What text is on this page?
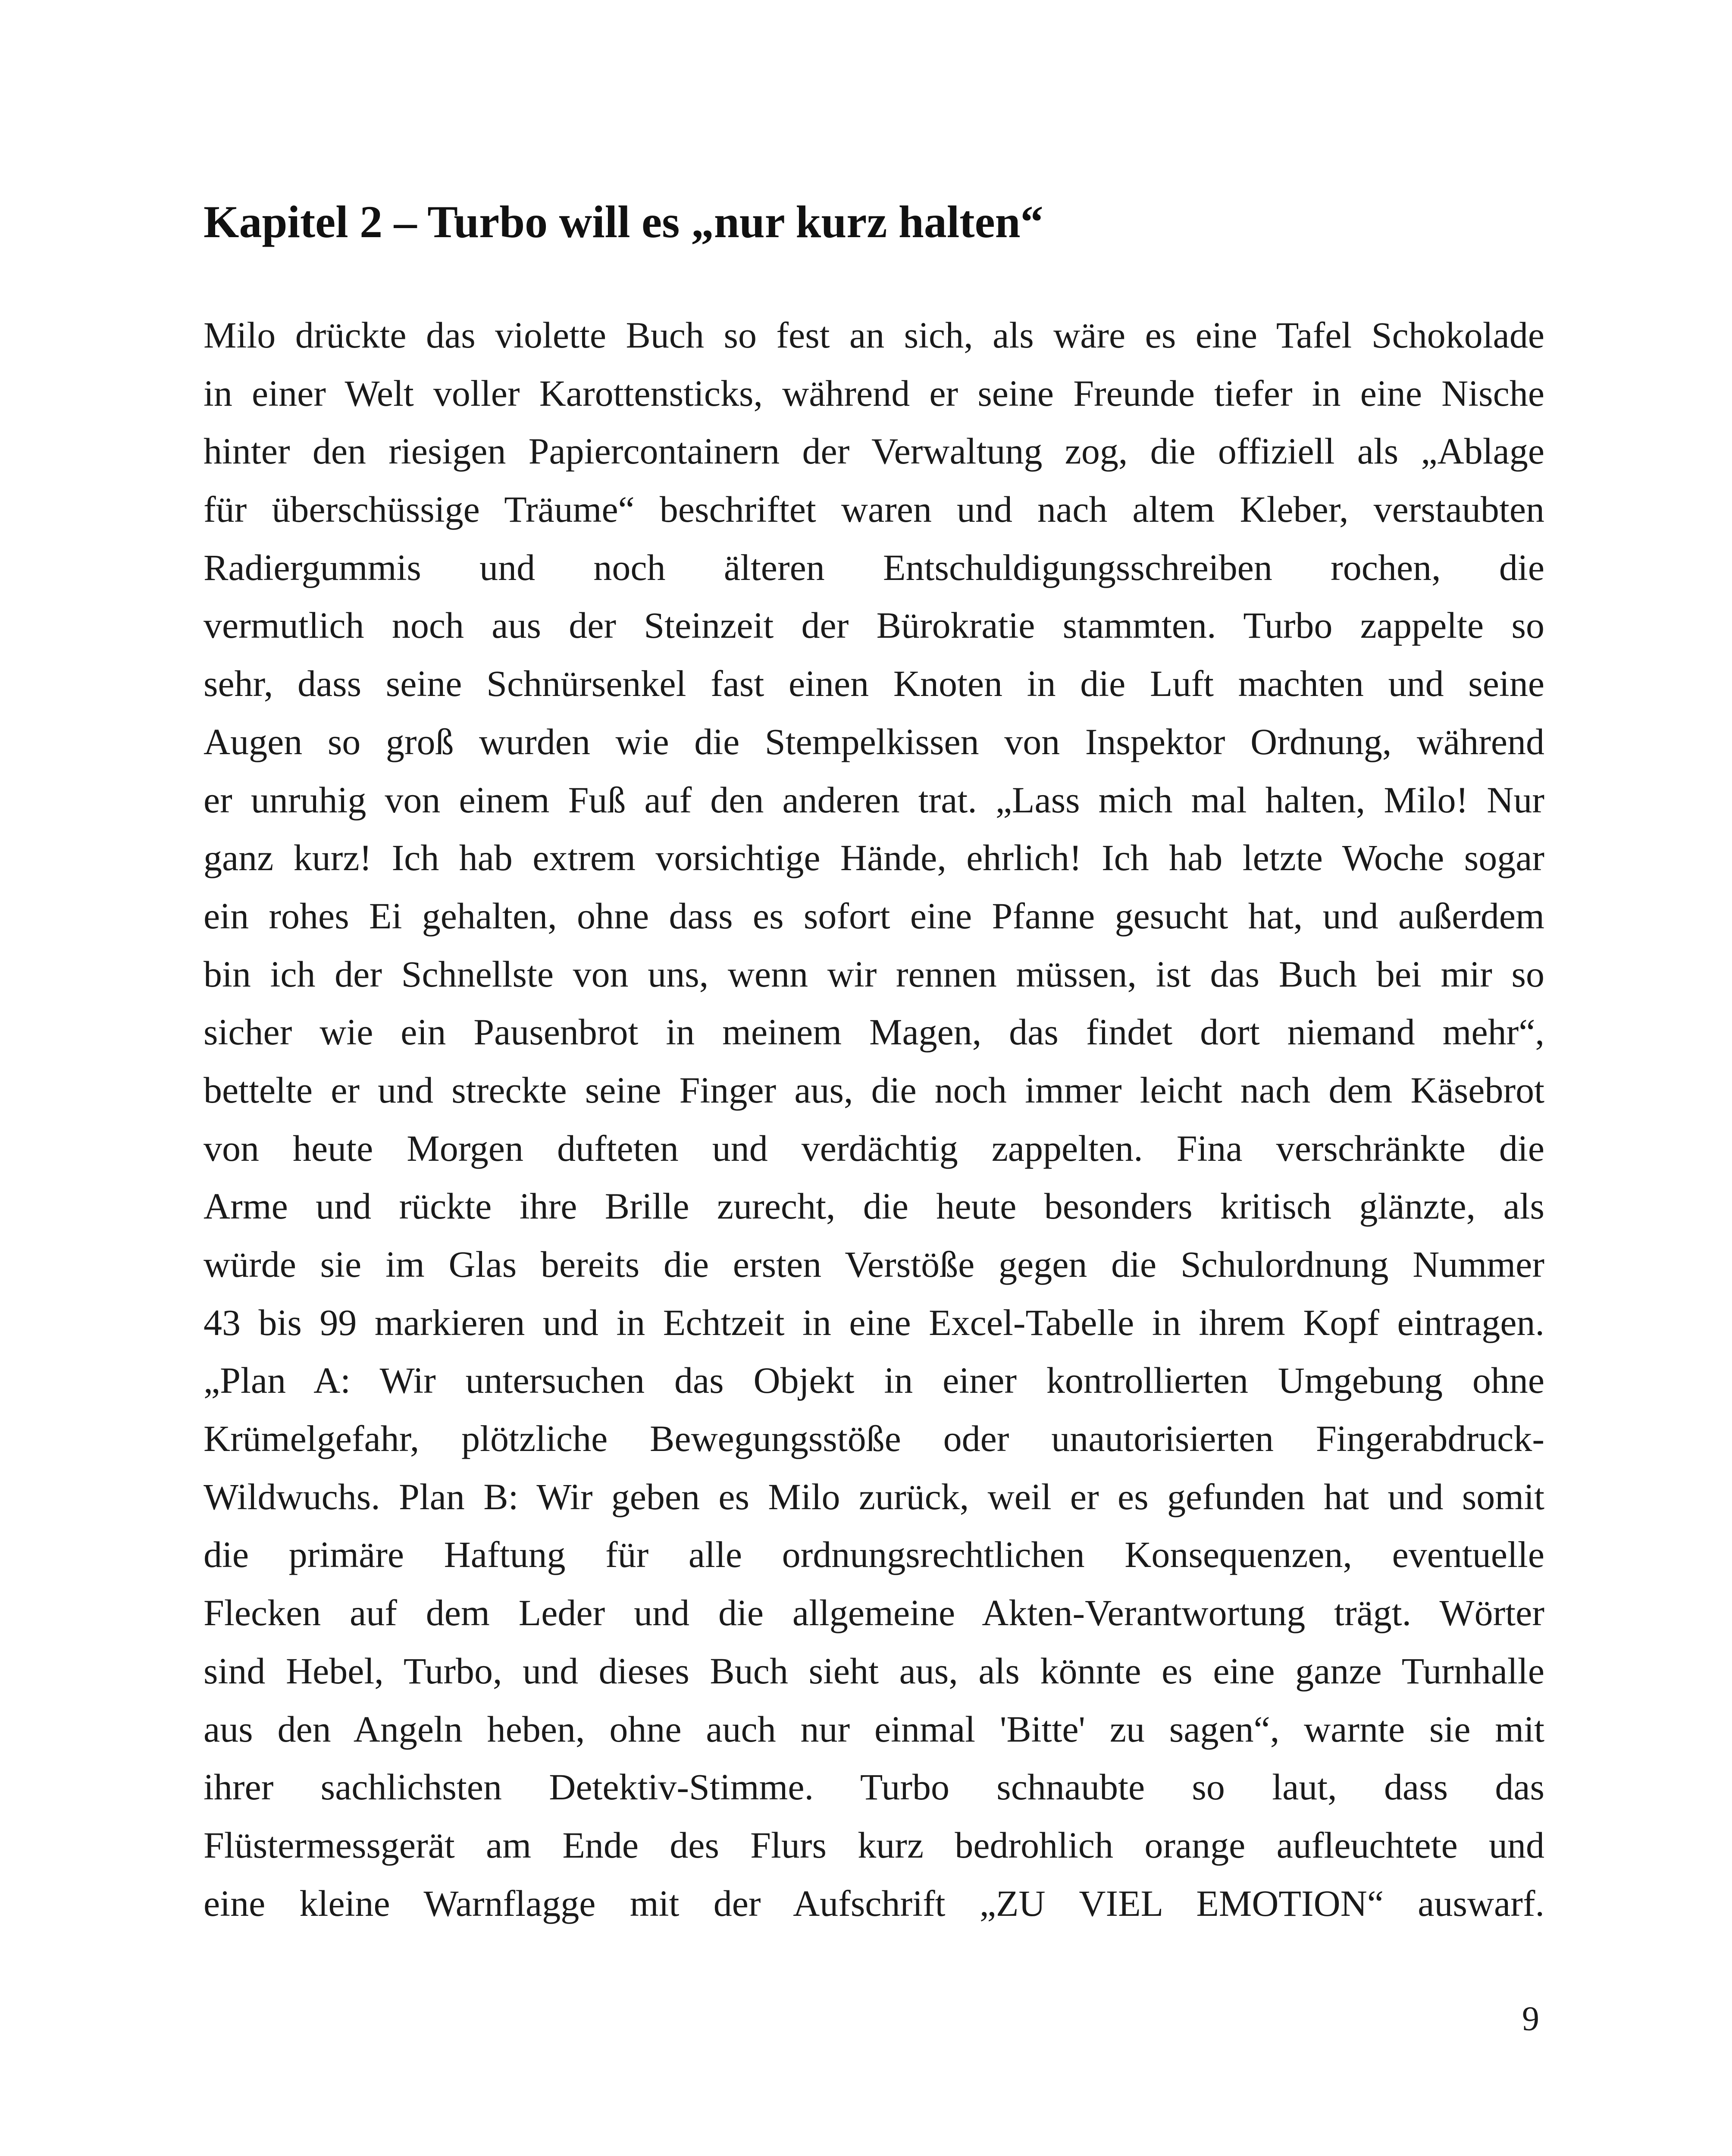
Kapitel 2 – Turbo will es „nur kurz halten“
Milo drückte das violette Buch so fest an sich, als wäre es eine Tafel Schokolade
in einer Welt voller Karottensticks, während er seine Freunde tiefer in eine Nische
hinter den riesigen Papiercontainern der Verwaltung zog, die offiziell als „Ablage
für überschüssige Träume“ beschriftet waren und nach altem Kleber, verstaubten
Radiergummis und noch älteren Entschuldigungsschreiben rochen, die
vermutlich noch aus der Steinzeit der Bürokratie stammten. Turbo zappelte so
sehr, dass seine Schnürsenkel fast einen Knoten in die Luft machten und seine
Augen so groß wurden wie die Stempelkissen von Inspektor Ordnung, während
er unruhig von einem Fuß auf den anderen trat. „Lass mich mal halten, Milo! Nur
ganz kurz! Ich hab extrem vorsichtige Hände, ehrlich! Ich hab letzte Woche sogar
ein rohes Ei gehalten, ohne dass es sofort eine Pfanne gesucht hat, und außerdem
bin ich der Schnellste von uns, wenn wir rennen müssen, ist das Buch bei mir so
sicher wie ein Pausenbrot in meinem Magen, das findet dort niemand mehr“,
bettelte er und streckte seine Finger aus, die noch immer leicht nach dem Käsebrot
von heute Morgen dufteten und verdächtig zappelten. Fina verschränkte die
Arme und rückte ihre Brille zurecht, die heute besonders kritisch glänzte, als
würde sie im Glas bereits die ersten Verstöße gegen die Schulordnung Nummer
43 bis 99 markieren und in Echtzeit in eine Excel-Tabelle in ihrem Kopf eintragen.
„Plan A: Wir untersuchen das Objekt in einer kontrollierten Umgebung ohne
Krümelgefahr, plötzliche Bewegungsstöße oder unautorisierten Fingerabdruck-
Wildwuchs. Plan B: Wir geben es Milo zurück, weil er es gefunden hat und somit
die primäre Haftung für alle ordnungsrechtlichen Konsequenzen, eventuelle
Flecken auf dem Leder und die allgemeine Akten-Verantwortung trägt. Wörter
sind Hebel, Turbo, und dieses Buch sieht aus, als könnte es eine ganze Turnhalle
aus den Angeln heben, ohne auch nur einmal 'Bitte' zu sagen“, warnte sie mit
ihrer sachlichsten Detektiv-Stimme. Turbo schnaubte so laut, dass das
Flüstermessgerät am Ende des Flurs kurz bedrohlich orange aufleuchtete und
eine kleine Warnflagge mit der Aufschrift „ZU VIEL EMOTION“ auswarf.
9
